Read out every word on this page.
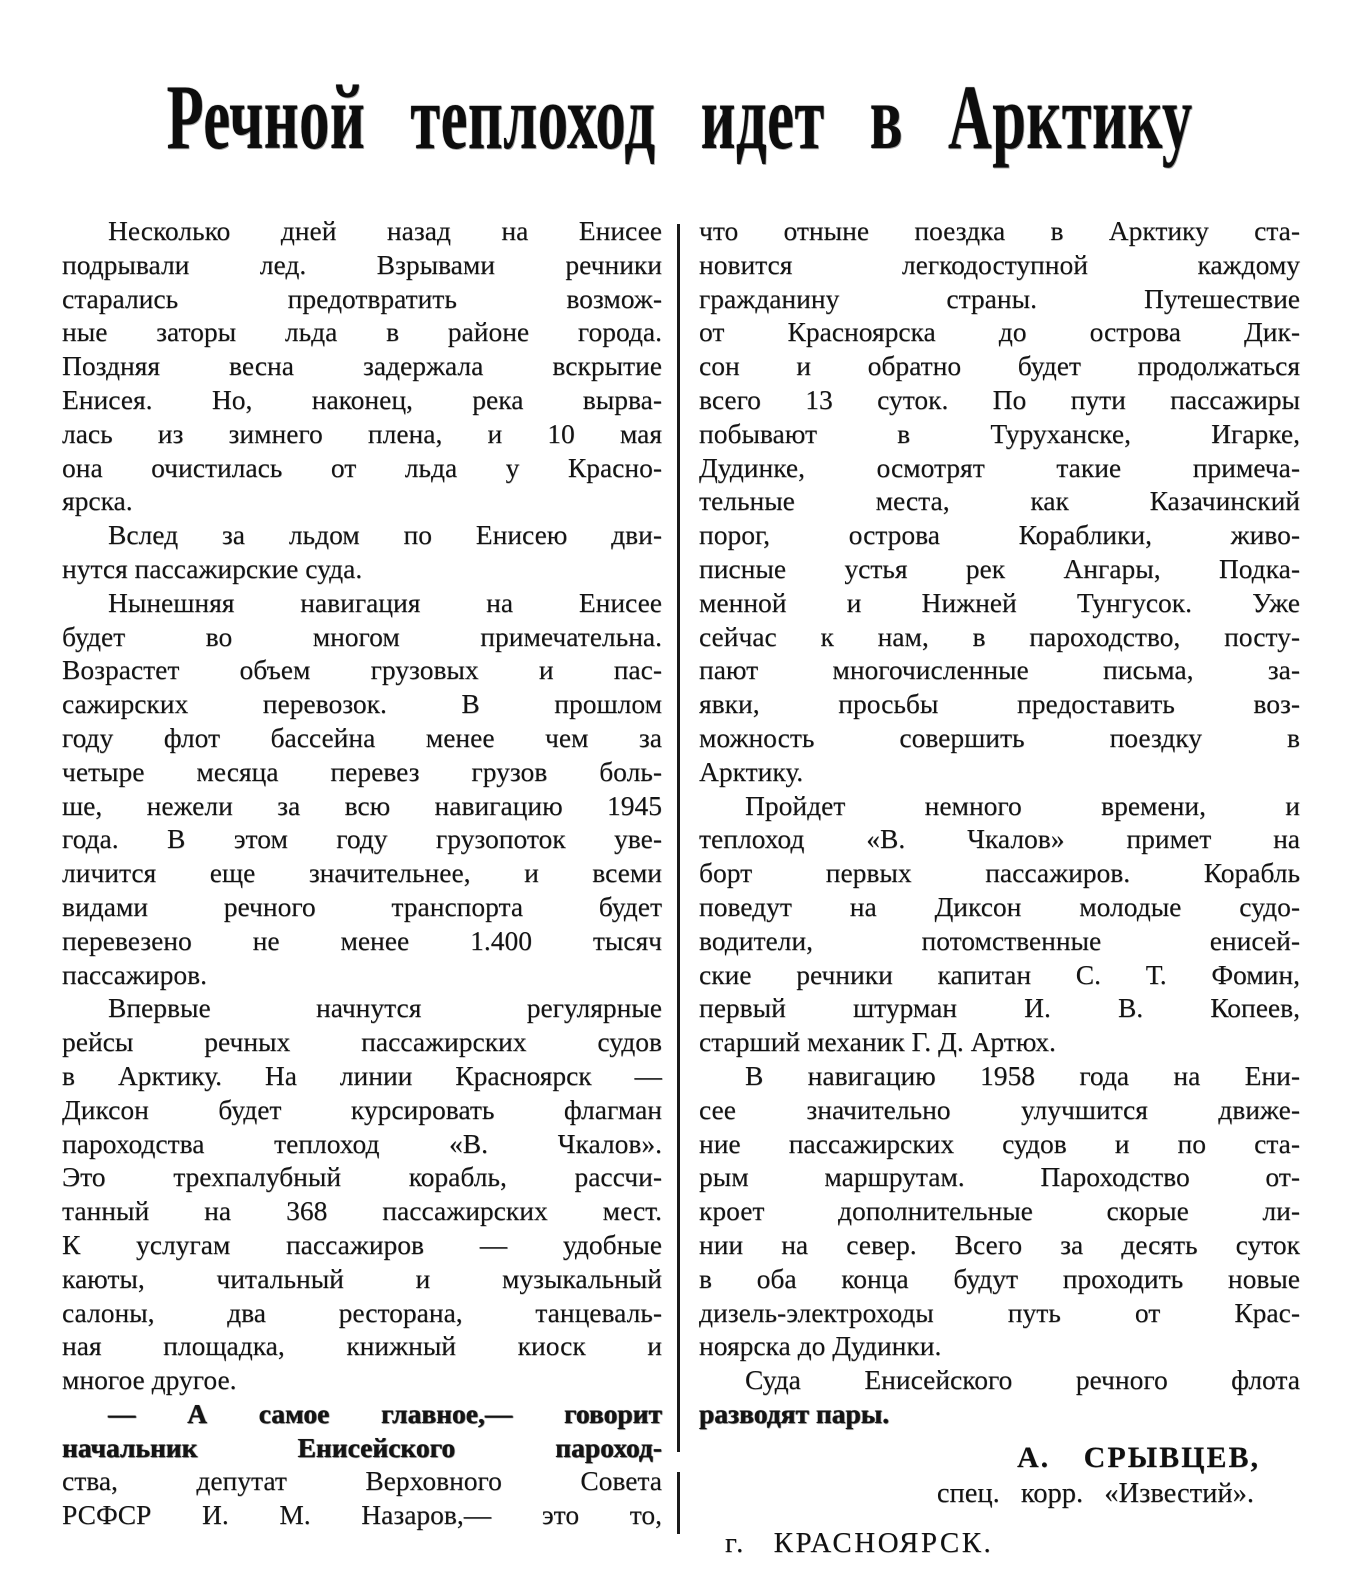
Речной теплоход идет в Арктику
Несколько дней назад на Енисее
подрывали лед. Взрывами речники
старались предотвратить возмож-
ные заторы льда в районе города.
Поздняя весна задержала вскрытие
Енисея. Но, наконец, река вырва-
лась из зимнего плена, и 10 мая
она очистилась от льда у Красно-
ярска.
Вслед за льдом по Енисею дви-
нутся пассажирские суда.
Нынешняя навигация на Енисее
будет во многом примечательна.
Возрастет объем грузовых и пас-
сажирских перевозок. В прошлом
году флот бассейна менее чем за
четыре месяца перевез грузов боль-
ше, нежели за всю навигацию 1945
года. В этом году грузопоток уве-
личится еще значительнее, и всеми
видами речного транспорта будет
перевезено не менее 1.400 тысяч
пассажиров.
Впервые начнутся регулярные
рейсы речных пассажирских судов
в Арктику. На линии Красноярск —
Диксон будет курсировать флагман
пароходства теплоход «В. Чкалов».
Это трехпалубный корабль, рассчи-
танный на 368 пассажирских мест.
К услугам пассажиров — удобные
каюты, читальный и музыкальный
салоны, два ресторана, танцеваль-
ная площадка, книжный киоск и
многое другое.
— А самое главное,— говорит
начальник Енисейского пароход-
ства, депутат Верховного Совета
РСФСР И. М. Назаров,— это то,
что отныне поездка в Арктику ста-
новится легкодоступной каждому
гражданину страны. Путешествие
от Красноярска до острова Дик-
сон и обратно будет продолжаться
всего 13 суток. По пути пассажиры
побывают в Туруханске, Игарке,
Дудинке, осмотрят такие примеча-
тельные места, как Казачинский
порог, острова Кораблики, живо-
писные устья рек Ангары, Подка-
менной и Нижней Тунгусок. Уже
сейчас к нам, в пароходство, посту-
пают многочисленные письма, за-
явки, просьбы предоставить воз-
можность совершить поездку в
Арктику.
Пройдет немного времени, и
теплоход «В. Чкалов» примет на
борт первых пассажиров. Корабль
поведут на Диксон молодые судо-
водители, потомственные енисей-
ские речники капитан С. Т. Фомин,
первый штурман И. В. Копеев,
старший механик Г. Д. Артюх.
В навигацию 1958 года на Ени-
сее значительно улучшится движе-
ние пассажирских судов и по ста-
рым маршрутам. Пароходство от-
кроет дополнительные скорые ли-
нии на север. Всего за десять суток
в оба конца будут проходить новые
дизель-электроходы путь от Крас-
ноярска до Дудинки.
Суда Енисейского речного флота
разводят пары.
А. СРЫВЦЕВ,
спец. корр. «Известий».
г. КРАСНОЯРСК.
